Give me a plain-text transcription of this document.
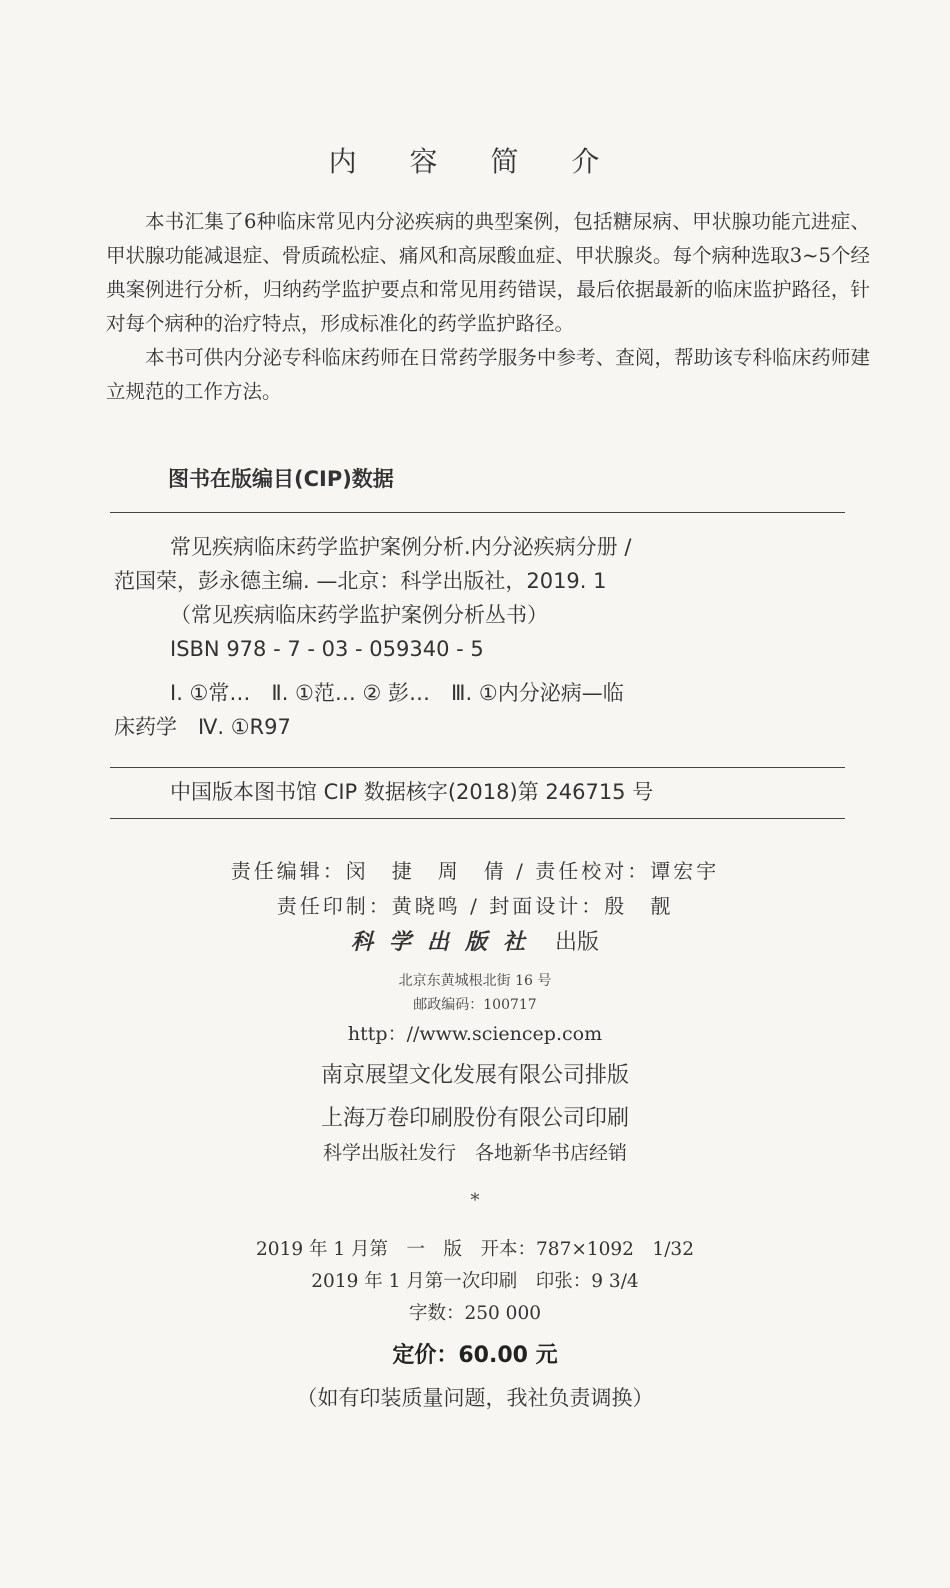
内 容 简 介

本书汇集了6种临床常见内分泌疾病的典型案例，包括糖尿病、甲状腺功能亢进症、甲状腺功能减退症、骨质疏松症、痛风和高尿酸血症、甲状腺炎。每个病种选取3~5个经典案例进行分析，归纳药学监护要点和常见用药错误，最后依据最新的临床监护路径，针对每个病种的治疗特点，形成标准化的药学监护路径。

本书可供内分泌专科临床药师在日常药学服务中参考、查阅，帮助该专科临床药师建立规范的工作方法。

图书在版编目(CIP)数据
常见疾病临床药学监护案例分析.内分泌疾病分册 /
范国荣，彭永德主编. —北京：科学出版社，2019. 1
（常见疾病临床药学监护案例分析丛书）
ISBN 978 - 7 - 03 - 059340 - 5
Ⅰ. ①常…　Ⅱ. ①范… ② 彭…　Ⅲ. ①内分泌病—临
床药学　Ⅳ. ①R97
中国版本图书馆 CIP 数据核字(2018)第 246715 号
责任编辑：闵　捷　周　倩 / 责任校对：谭宏宇
责任印制：黄晓鸣 / 封面设计：殷　靓
科学出版社 出版
北京东黄城根北街 16 号
邮政编码：100717
http：//www.sciencep.com
南京展望文化发展有限公司排版
上海万卷印刷股份有限公司印刷
科学出版社发行　各地新华书店经销
*
2019 年 1 月第　一　版　开本：787×1092　1/32
2019 年 1 月第一次印刷　印张：9 3/4
字数：250 000
定价：60.00 元
（如有印装质量问题，我社负责调换）
